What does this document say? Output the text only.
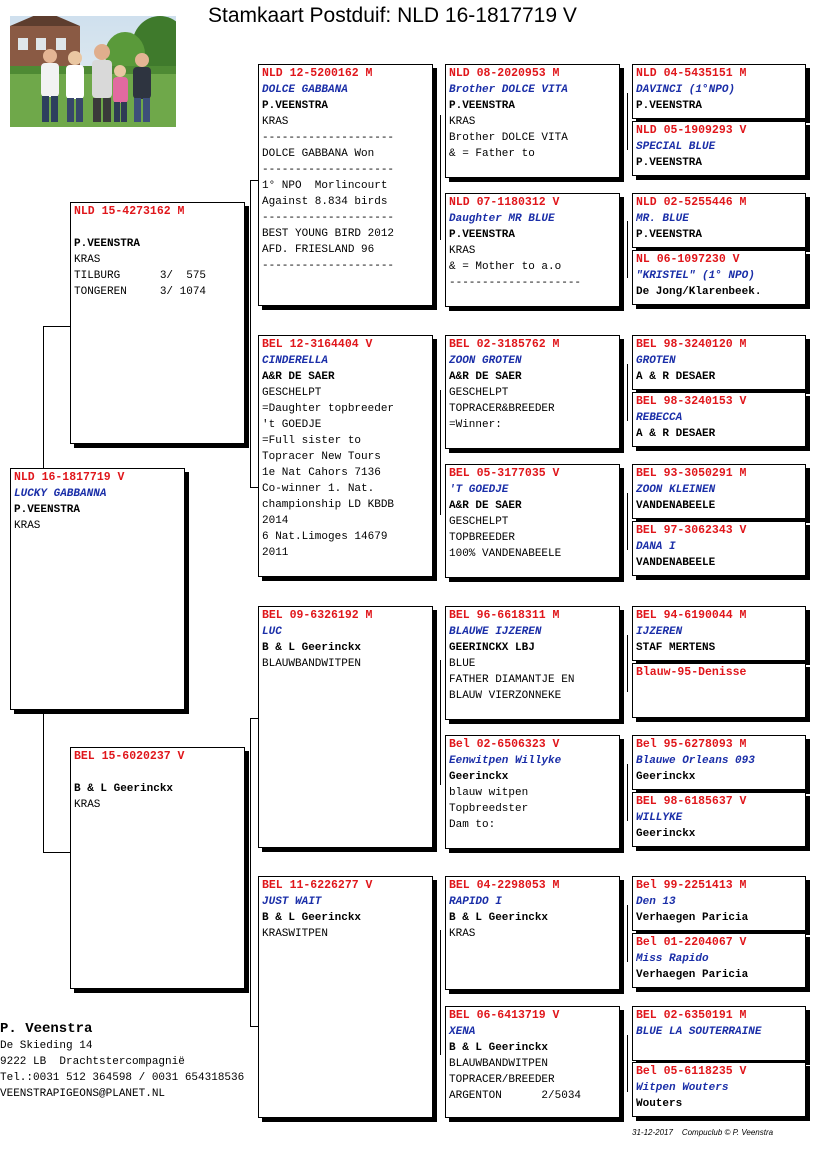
Stamkaart Postduif: NLD 16-1817719 V
NLD 16-1817719 V
LUCKY GABBANNA
P.VEENSTRA
KRAS
NLD 15-4273162 M
P.VEENSTRA
KRAS
TILBURG      3/  575
TONGEREN     3/ 1074
BEL 15-6020237 V
B & L Geerinckx
KRAS
NLD 12-5200162 M
DOLCE GABBANA
P.VEENSTRA
KRAS
--------------------
DOLCE GABBANA Won
--------------------
1° NPO  Morlincourt
Against 8.834 birds
--------------------
BEST YOUNG BIRD 2012
AFD. FRIESLAND 96
--------------------
BEL 12-3164404 V
CINDERELLA
A&R DE SAER
GESCHELPT
=Daughter topbreeder
't GOEDJE
=Full sister to
Topracer New Tours
1e Nat Cahors 7136
Co-winner 1. Nat.
championship LD KBDB
2014
6 Nat.Limoges 14679
2011
BEL 09-6326192 M
LUC
B & L Geerinckx
BLAUWBANDWITPEN
BEL 11-6226277 V
JUST WAIT
B & L Geerinckx
KRASWITPEN
NLD 08-2020953 M
Brother DOLCE VITA
P.VEENSTRA
KRAS
Brother DOLCE VITA
& = Father to
NLD 07-1180312 V
Daughter MR BLUE
P.VEENSTRA
KRAS
& = Mother to a.o
--------------------
BEL 02-3185762 M
ZOON GROTEN
A&R DE SAER
GESCHELPT
TOPRACER&BREEDER
=Winner:
BEL 05-3177035 V
'T GOEDJE
A&R DE SAER
GESCHELPT
TOPBREEDER
100% VANDENABEELE
BEL 96-6618311 M
BLAUWE IJZEREN
GEERINCKX LBJ
BLUE
FATHER DIAMANTJE EN
BLAUW VIERZONNEKE
Bel 02-6506323 V
Eenwitpen Willyke
Geerinckx
blauw witpen
Topbreedster
Dam to:
BEL 04-2298053 M
RAPIDO I
B & L Geerinckx
KRAS
BEL 06-6413719 V
XENA
B & L Geerinckx
BLAUWBANDWITPEN
TOPRACER/BREEDER
ARGENTON      2/5034
NLD 04-5435151 M
DAVINCI (1°NPO)
P.VEENSTRA
NLD 05-1909293 V
SPECIAL BLUE
P.VEENSTRA
NLD 02-5255446 M
MR. BLUE
P.VEENSTRA
NL 06-1097230 V
"KRISTEL" (1° NPO)
De Jong/Klarenbeek.
BEL 98-3240120 M
GROTEN
A & R DESAER
BEL 98-3240153 V
REBECCA
A & R DESAER
BEL 93-3050291 M
ZOON KLEINEN
VANDENABEELE
BEL 97-3062343 V
DANA I
VANDENABEELE
BEL 94-6190044 M
IJZEREN
STAF MERTENS
Blauw-95-Denisse
Bel 95-6278093 M
Blauwe Orleans 093
Geerinckx
BEL 98-6185637 V
WILLYKE
Geerinckx
Bel 99-2251413 M
Den 13
Verhaegen Paricia
Bel 01-2204067 V
Miss Rapido
Verhaegen Paricia
BEL 02-6350191 M
BLUE LA SOUTERRAINE
Bel 05-6118235 V
Witpen Wouters
Wouters
P. Veenstra
De Skieding 14
9222 LB  Drachtstercompagnië
Tel.:0031 512 364598 / 0031 654318536
VEENSTRAPIGEONS@PLANET.NL
31-12-2017 Compuclub © P. Veenstra
